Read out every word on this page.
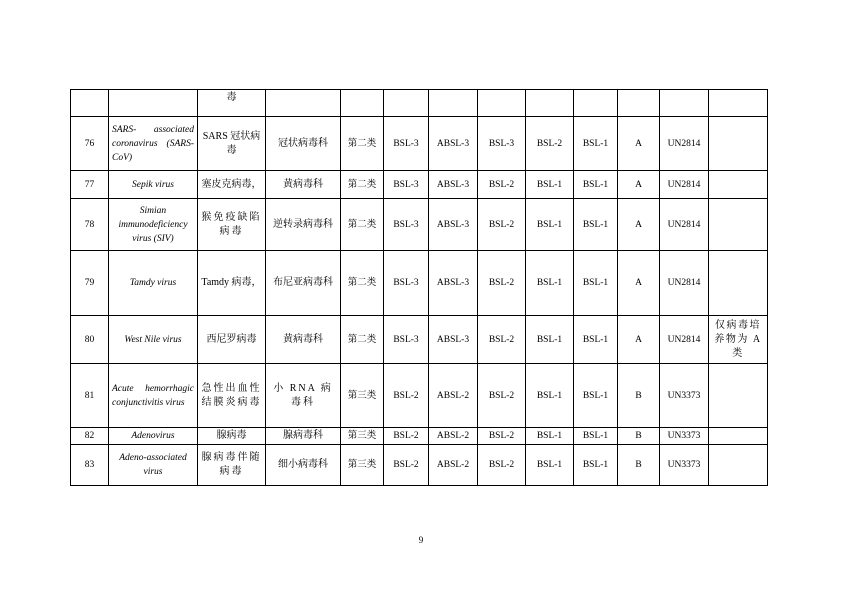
		毒										
76	SARS- associated coronavirus (SARS-CoV)	SARS 冠状病毒	冠状病毒科	第二类	BSL-3	ABSL-3	BSL-3	BSL-2	BSL-1	A	UN2814	
77	Sepik virus	塞皮克病毒，	黄病毒科	第二类	BSL-3	ABSL-3	BSL-2	BSL-1	BSL-1	A	UN2814	
78	Simian immunodeficiency virus (SIV)	猴免疫缺陷病毒	逆转录病毒科	第二类	BSL-3	ABSL-3	BSL-2	BSL-1	BSL-1	A	UN2814	
79	Tamdy virus	Tamdy 病毒，	布尼亚病毒科	第二类	BSL-3	ABSL-3	BSL-2	BSL-1	BSL-1	A	UN2814	
80	West Nile virus	西尼罗病毒	黄病毒科	第二类	BSL-3	ABSL-3	BSL-2	BSL-1	BSL-1	A	UN2814	仅病毒培养物为 A 类
81	Acute hemorrhagic conjunctivitis virus	急性出血性结膜炎病毒	小 RNA 病毒科	第三类	BSL-2	ABSL-2	BSL-2	BSL-1	BSL-1	B	UN3373	
82	Adenovirus	腺病毒	腺病毒科	第三类	BSL-2	ABSL-2	BSL-2	BSL-1	BSL-1	B	UN3373	
83	Adeno-associated virus	腺病毒伴随病毒	细小病毒科	第三类	BSL-2	ABSL-2	BSL-2	BSL-1	BSL-1	B	UN3373	
9
